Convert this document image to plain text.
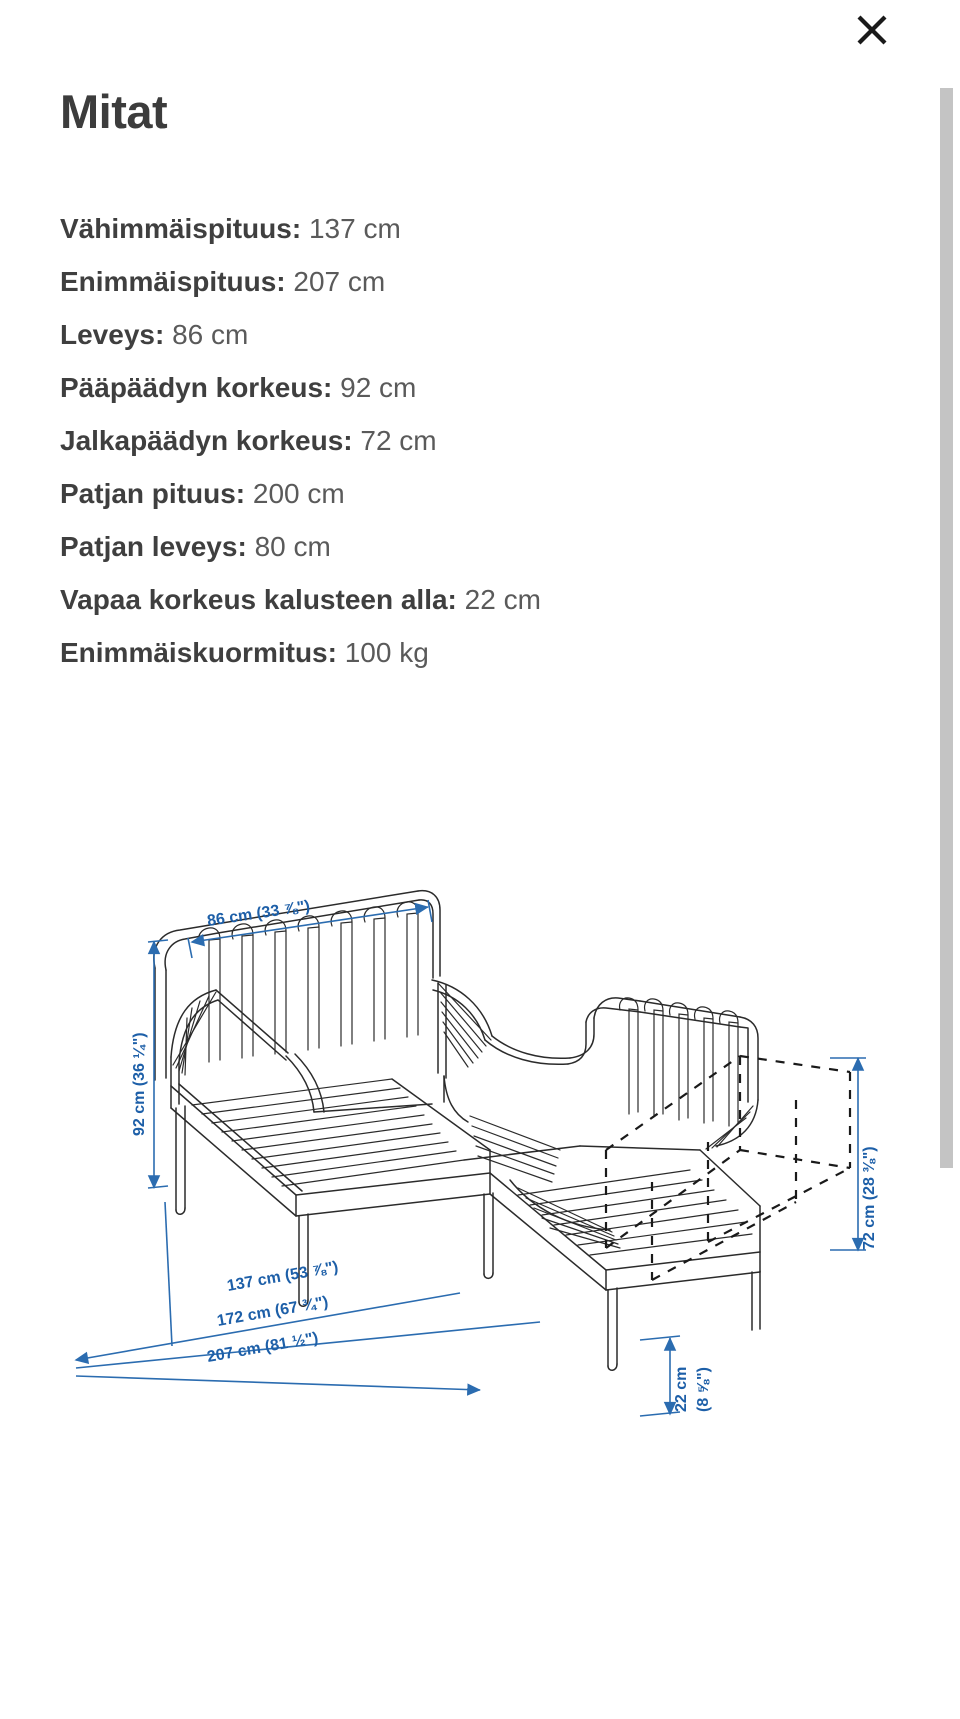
Mitat
Vähimmäispituus: 137 cm
Enimmäispituus: 207 cm
Leveys: 86 cm
Pääpäädyn korkeus: 92 cm
Jalkapäädyn korkeus: 72 cm
Patjan pituus: 200 cm
Patjan leveys: 80 cm
Vapaa korkeus kalusteen alla: 22 cm
Enimmäiskuormitus: 100 kg
86 cm (33 ⅞")
92 cm (36 ¼")
72 cm (28 ⅜")
22 cm (8 ⅝")
137 cm (53 ⅞")
172 cm (67 ¾")
207 cm (81 ½")
